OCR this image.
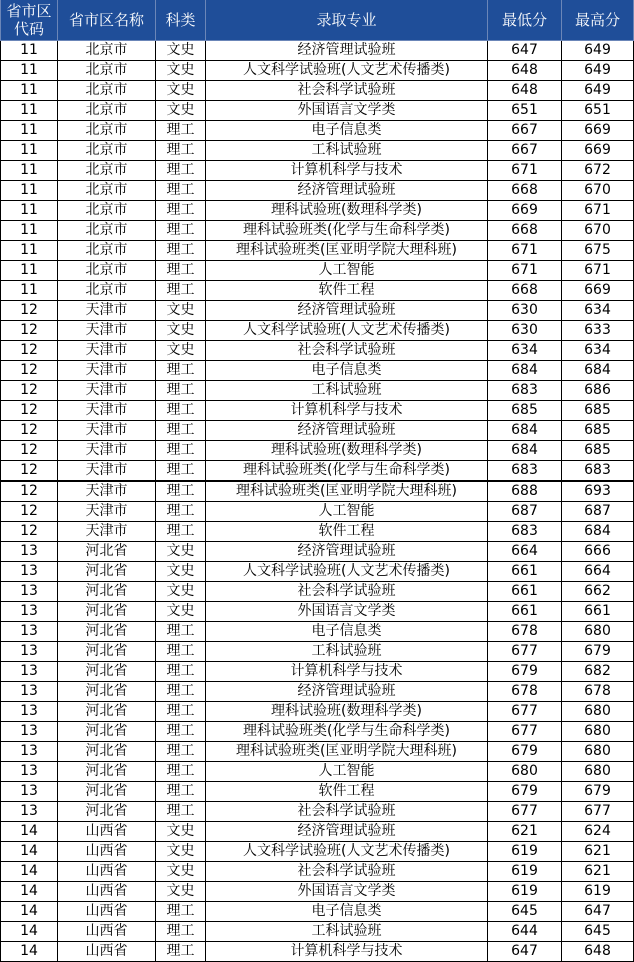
省市区
代码	省市区名称	科类	录取专业	最低分	最高分
11	北京市	文史	经济管理试验班	647	649
11	北京市	文史	人文科学试验班(人文艺术传播类)	648	649
11	北京市	文史	社会科学试验班	648	649
11	北京市	文史	外国语言文学类	651	651
11	北京市	理工	电子信息类	667	669
11	北京市	理工	工科试验班	667	669
11	北京市	理工	计算机科学与技术	671	672
11	北京市	理工	经济管理试验班	668	670
11	北京市	理工	理科试验班(数理科学类)	669	671
11	北京市	理工	理科试验班类(化学与生命科学类)	668	670
11	北京市	理工	理科试验班类(匡亚明学院大理科班)	671	675
11	北京市	理工	人工智能	671	671
11	北京市	理工	软件工程	668	669
12	天津市	文史	经济管理试验班	630	634
12	天津市	文史	人文科学试验班(人文艺术传播类)	630	633
12	天津市	文史	社会科学试验班	634	634
12	天津市	理工	电子信息类	684	684
12	天津市	理工	工科试验班	683	686
12	天津市	理工	计算机科学与技术	685	685
12	天津市	理工	经济管理试验班	684	685
12	天津市	理工	理科试验班(数理科学类)	684	685
12	天津市	理工	理科试验班类(化学与生命科学类)	683	683
12	天津市	理工	理科试验班类(匡亚明学院大理科班)	688	693
12	天津市	理工	人工智能	687	687
12	天津市	理工	软件工程	683	684
13	河北省	文史	经济管理试验班	664	666
13	河北省	文史	人文科学试验班(人文艺术传播类)	661	664
13	河北省	文史	社会科学试验班	661	662
13	河北省	文史	外国语言文学类	661	661
13	河北省	理工	电子信息类	678	680
13	河北省	理工	工科试验班	677	679
13	河北省	理工	计算机科学与技术	679	682
13	河北省	理工	经济管理试验班	678	678
13	河北省	理工	理科试验班(数理科学类)	677	680
13	河北省	理工	理科试验班类(化学与生命科学类)	677	680
13	河北省	理工	理科试验班类(匡亚明学院大理科班)	679	680
13	河北省	理工	人工智能	680	680
13	河北省	理工	软件工程	679	679
13	河北省	理工	社会科学试验班	677	677
14	山西省	文史	经济管理试验班	621	624
14	山西省	文史	人文科学试验班(人文艺术传播类)	619	621
14	山西省	文史	社会科学试验班	619	621
14	山西省	文史	外国语言文学类	619	619
14	山西省	理工	电子信息类	645	647
14	山西省	理工	工科试验班	644	645
14	山西省	理工	计算机科学与技术	647	648
